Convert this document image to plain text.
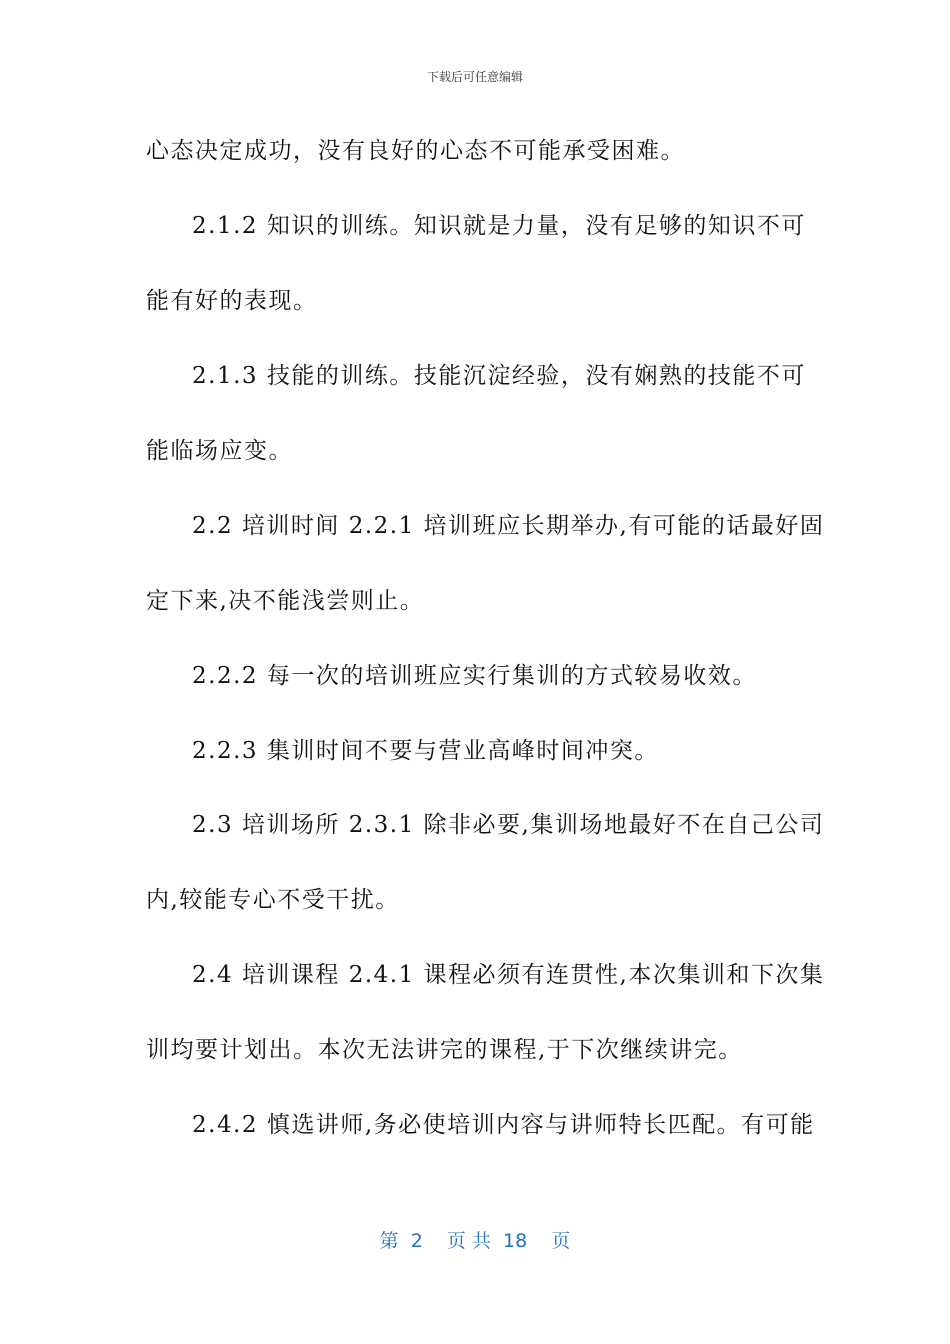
下载后可任意编辑
心态决定成功，没有良好的心态不可能承受困难。
2.1.2 知识的训练。知识就是力量，没有足够的知识不可
能有好的表现。
2.1.3 技能的训练。技能沉淀经验，没有娴熟的技能不可
能临场应变。
2.2 培训时间 2.2.1 培训班应长期举办,有可能的话最好固
定下来,决不能浅尝则止。
2.2.2 每一次的培训班应实行集训的方式较易收效。
2.2.3 集训时间不要与营业高峰时间冲突。
2.3 培训场所 2.3.1 除非必要,集训场地最好不在自己公司
内,较能专心不受干扰。
2.4 培训课程 2.4.1 课程必须有连贯性,本次集训和下次集
训均要计划出。本次无法讲完的课程,于下次继续讲完。
2.4.2 慎选讲师,务必使培训内容与讲师特长匹配。有可能
第  2    页 共  18    页
